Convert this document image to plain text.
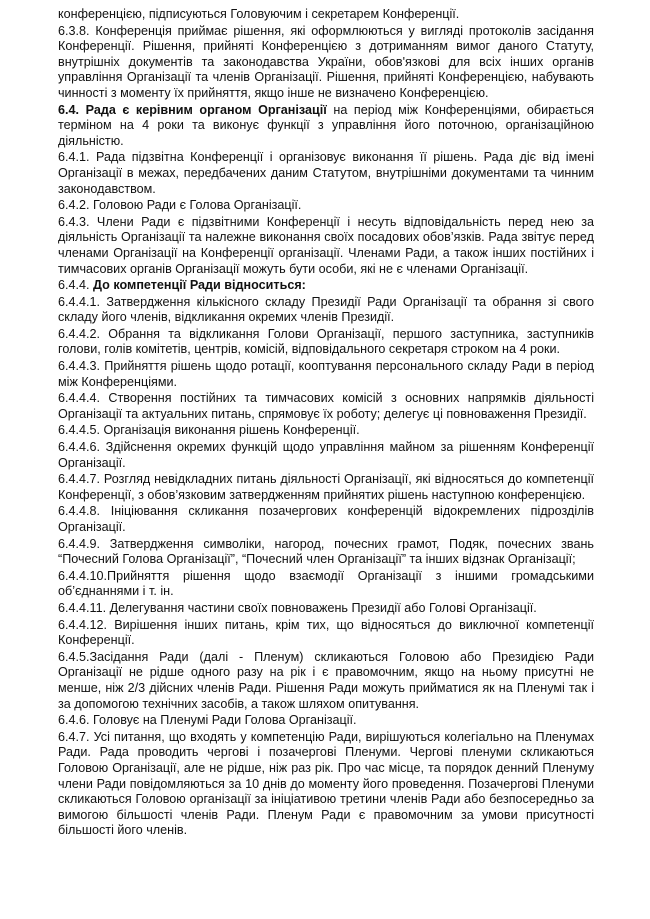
конференцією, підписуються Головуючим і секретарем Конференції.

6.3.8. Конференція приймає рішення, які оформлюються у вигляді протоколів засідання Конференції. Рішення, прийняті Конференцією з дотриманням вимог даного Статуту, внутрішніх документів та законодавства України, обов'язкові для всіх інших органів управління Організації та членів Організації. Рішення, прийняті Конференцією, набувають чинності з моменту їх прийняття, якщо інше не визначено Конференцією.

6.4. Рада є керівним органом Організації на період між Конференціями, обирається терміном на 4 роки та виконує функції з управління його поточною, організаційною діяльністю.

6.4.1. Рада підзвітна Конференції і організовує виконання її рішень. Рада діє від імені Організації в межах, передбачених даним Статутом, внутрішніми документами та чинним законодавством.

6.4.2. Головою Ради є Голова Організації.

6.4.3. Члени Ради є підзвітними Конференції і несуть відповідальність перед нею за діяльність Організації та належне виконання своїх посадових обов’язків. Рада звітує перед членами Організації на Конференції організації. Членами Ради, а також інших постійних і тимчасових органів Організації можуть бути особи, які не є членами Організації.

6.4.4. До компетенції Ради відноситься:

6.4.4.1. Затвердження кількісного складу Президії Ради Організації та обрання зі свого складу його членів, відкликання окремих членів Президії.

6.4.4.2. Обрання та відкликання Голови Організації, першого заступника, заступників голови, голів комітетів, центрів, комісій, відповідального секретаря строком на 4 роки.

6.4.4.3. Прийняття рішень щодо ротації, кооптування персонального складу Ради в період між Конференціями.

6.4.4.4. Створення постійних та тимчасових комісій з основних напрямків діяльності Організації та актуальних питань, спрямовує їх роботу; делегує ці повноваження Президії.

6.4.4.5. Організація виконання рішень Конференції.

6.4.4.6. Здійснення окремих функцій щодо управління майном за рішенням Конференції Організації.

6.4.4.7. Розгляд невідкладних питань діяльності Організації, які відносяться до компетенції Конференції, з обов’язковим затвердженням прийнятих рішень наступною конференцією.

6.4.4.8. Ініціювання скликання позачергових конференцій відокремлених підрозділів Організації.

6.4.4.9. Затвердження символіки, нагород, почесних грамот, Подяк, почесних звань “Почесний Голова Організації”, “Почесний член Організації” та інших відзнак Організації;

6.4.4.10.Прийняття рішення щодо взаємодії Організації з іншими громадськими об’єднаннями і т. ін.

6.4.4.11. Делегування частини своїх повноважень Президії або Голові Організації.

6.4.4.12. Вирішення інших питань, крім тих, що відносяться до виключної компетенції Конференції.

6.4.5.Засідання Ради (далі - Пленум) скликаються Головою або Президією Ради Організації не рідше одного разу на рік і є правомочним, якщо на ньому присутні не менше, ніж 2/3 дійсних членів Ради. Рішення Ради можуть прийматися як на Пленумі так і за допомогою технічних засобів, а також шляхом опитування.

6.4.6. Головує на Пленумі Ради Голова Організації.

6.4.7. Усі питання, що входять у компетенцію Ради, вирішуються колегіально на Пленумах Ради. Рада проводить чергові і позачергові Пленуми. Чергові пленуми скликаються Головою Організації, але не рідше, ніж раз рік. Про час місце, та порядок денний Пленуму члени Ради повідомляються за 10 днів до моменту його проведення. Позачергові Пленуми скликаються Головою організації за ініціативою третини членів Ради або безпосередньо за вимогою більшості членів Ради. Пленум Ради є правомочним за умови присутності більшості його членів.
